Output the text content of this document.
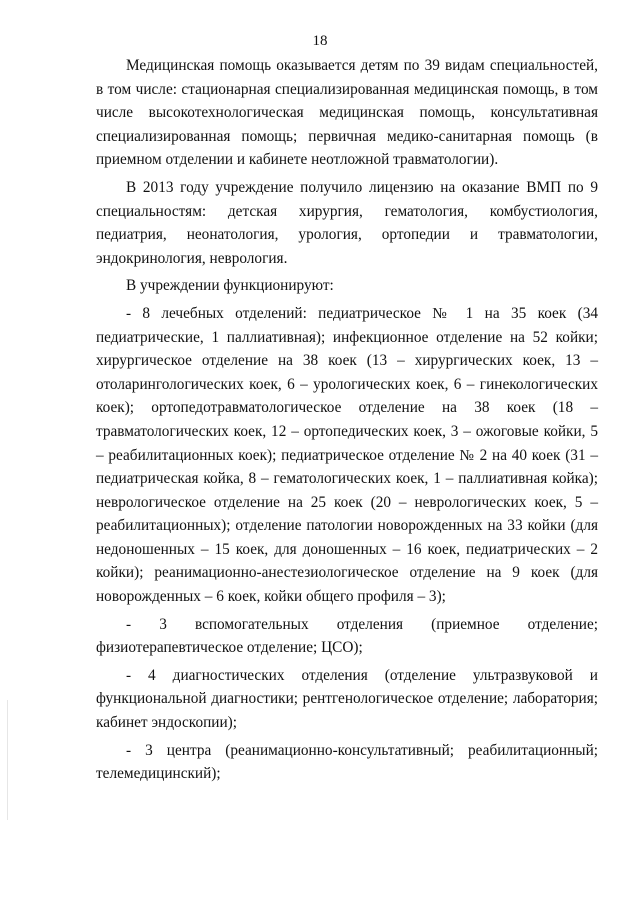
18

Медицинская помощь оказывается детям по 39 видам специальностей, в том числе: стационарная специализированная медицинская помощь, в том числе высокотехнологическая медицинская помощь, консультативная специализированная помощь; первичная медико-санитарная помощь (в приемном отделении и кабинете неотложной травматологии).

В 2013 году учреждение получило лицензию на оказание ВМП по 9 специальностям: детская хирургия, гематология, комбустиология, педиатрия, неонатология, урология, ортопедии и травматологии, эндокринология, неврология.

В учреждении функционируют:

- 8 лечебных отделений: педиатрическое № 1 на 35 коек (34 педиатрические, 1 паллиативная); инфекционное отделение на 52 койки; хирургическое отделение на 38 коек (13 – хирургических коек, 13 – отоларингологических коек, 6 – урологических коек, 6 – гинекологических коек); ортопедотравматологическое отделение на 38 коек (18 – травматологических коек, 12 – ортопедических коек, 3 – ожоговые койки, 5 – реабилитационных коек); педиатрическое отделение № 2 на 40 коек (31 – педиатрическая койка, 8 – гематологических коек, 1 – паллиативная койка); неврологическое отделение на 25 коек (20 – неврологических коек, 5 – реабилитационных); отделение патологии новорожденных на 33 койки (для недоношенных – 15 коек, для доношенных – 16 коек, педиатрических – 2 койки); реанимационно-анестезиологическое отделение на 9 коек (для новорожденных – 6 коек, койки общего профиля – 3);

- 3 вспомогательных отделения (приемное отделение; физиотерапевтическое отделение; ЦСО);

- 4 диагностических отделения (отделение ультразвуковой и функциональной диагностики; рентгенологическое отделение; лаборатория; кабинет эндоскопии);

- 3 центра (реанимационно-консультативный; реабилитационный; телемедицинский);
